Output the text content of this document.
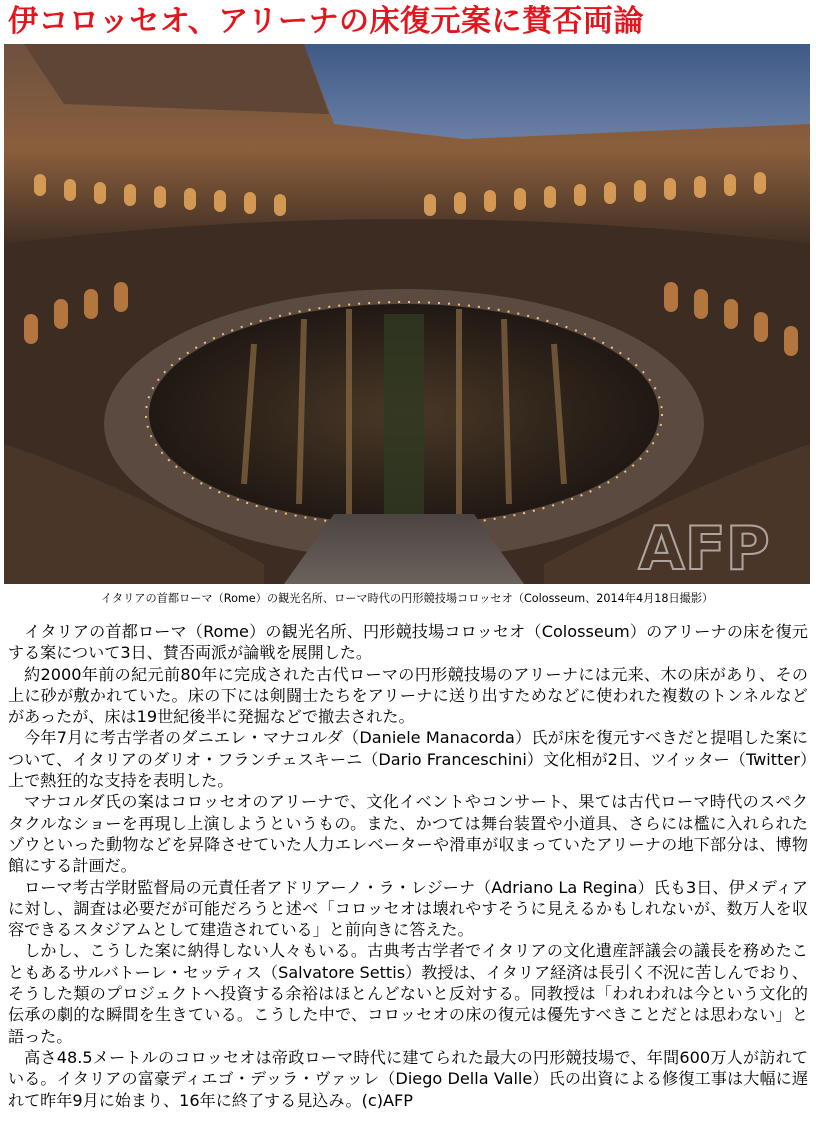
伊コロッセオ、アリーナの床復元案に賛否両論
AFP
BB NEWS
イタリアの首都ローマ（Rome）の観光名所、ローマ時代の円形競技場コロッセオ（Colosseum、2014年4月18日撮影）

イタリアの首都ローマ（Rome）の観光名所、円形競技場コロッセオ（Colosseum）のアリーナの床を復元する案について3日、賛否両派が論戦を展開した。

約2000年前の紀元前80年に完成された古代ローマの円形競技場のアリーナには元来、木の床があり、その上に砂が敷かれていた。床の下には剣闘士たちをアリーナに送り出すためなどに使われた複数のトンネルなどがあったが、床は19世紀後半に発掘などで撤去された。

今年7月に考古学者のダニエレ・マナコルダ（Daniele Manacorda）氏が床を復元すべきだと提唱した案について、イタリアのダリオ・フランチェスキーニ（Dario Franceschini）文化相が2日、ツイッター（Twitter）上で熱狂的な支持を表明した。

マナコルダ氏の案はコロッセオのアリーナで、文化イベントやコンサート、果ては古代ローマ時代のスペクタクルなショーを再現し上演しようというもの。また、かつては舞台装置や小道具、さらには檻に入れられたゾウといった動物などを昇降させていた人力エレベーターや滑車が収まっていたアリーナの地下部分は、博物館にする計画だ。

ローマ考古学財監督局の元責任者アドリアーノ・ラ・レジーナ（Adriano La Regina）氏も3日、伊メディアに対し、調査は必要だが可能だろうと述べ「コロッセオは壊れやすそうに見えるかもしれないが、数万人を収容できるスタジアムとして建造されている」と前向きに答えた。

しかし、こうした案に納得しない人々もいる。古典考古学者でイタリアの文化遺産評議会の議長を務めたこともあるサルバトーレ・セッティス（Salvatore Settis）教授は、イタリア経済は長引く不況に苦しんでおり、そうした類のプロジェクトへ投資する余裕はほとんどないと反対する。同教授は「われわれは今という文化的伝承の劇的な瞬間を生きている。こうした中で、コロッセオの床の復元は優先すべきことだとは思わない」と語った。

高さ48.5メートルのコロッセオは帝政ローマ時代に建てられた最大の円形競技場で、年間600万人が訪れている。イタリアの富豪ディエゴ・デッラ・ヴァッレ（Diego Della Valle）氏の出資による修復工事は大幅に遅れて昨年9月に始まり、16年に終了する見込み。(c)AFP
